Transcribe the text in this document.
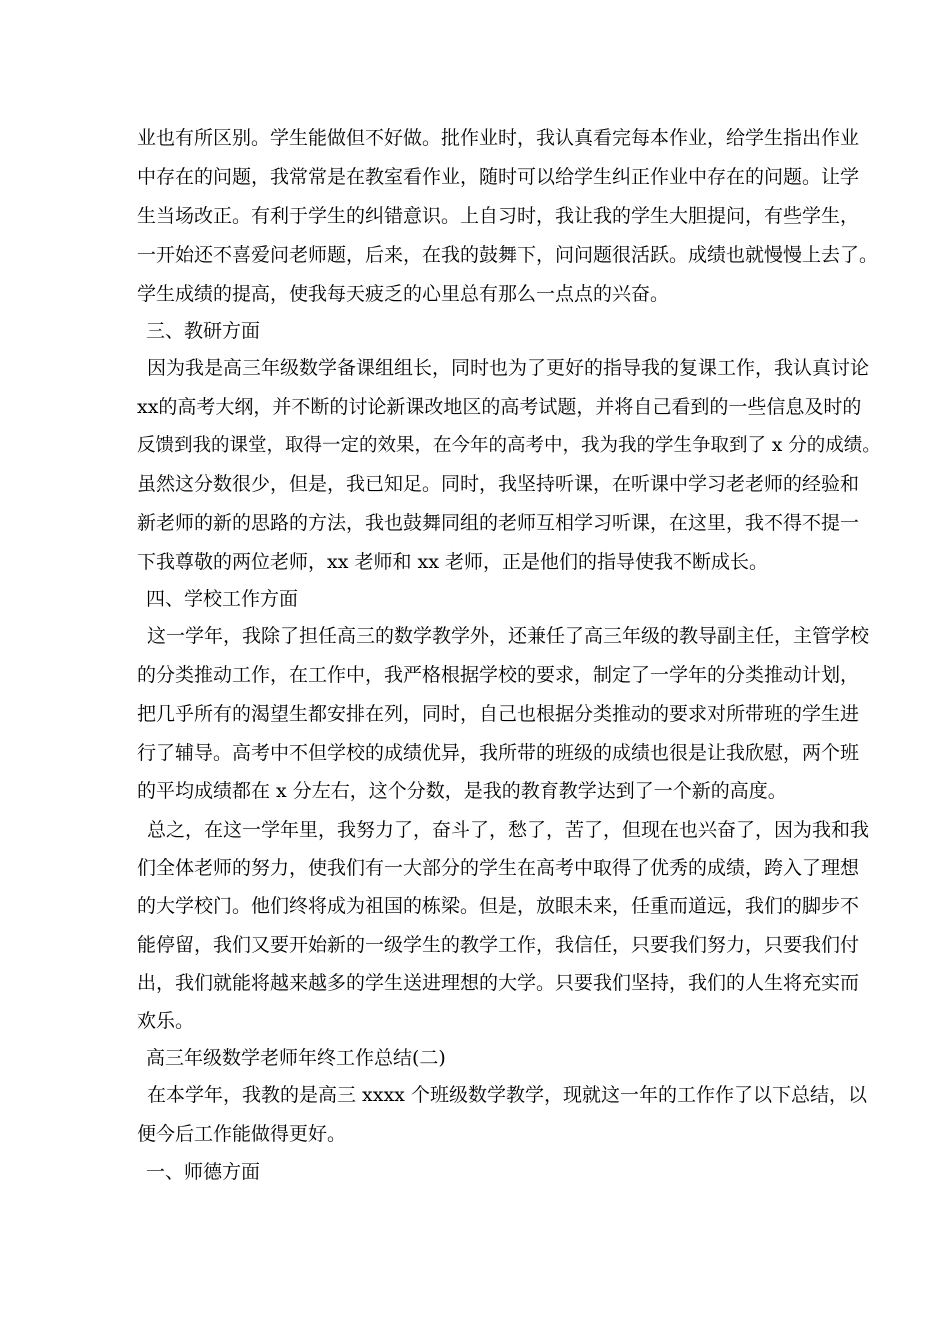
业也有所区别。学生能做但不好做。批作业时，我认真看完每本作业，给学生指出作业
中存在的问题，我常常是在教室看作业，随时可以给学生纠正作业中存在的问题。让学
生当场改正。有利于学生的纠错意识。上自习时，我让我的学生大胆提问，有些学生，
一开始还不喜爱问老师题，后来，在我的鼓舞下，问问题很活跃。成绩也就慢慢上去了。
学生成绩的提高，使我每天疲乏的心里总有那么一点点的兴奋。
三、教研方面
因为我是高三年级数学备课组组长，同时也为了更好的指导我的复课工作，我认真讨论
xx的高考大纲，并不断的讨论新课改地区的高考试题，并将自己看到的一些信息及时的
反馈到我的课堂，取得一定的效果，在今年的高考中，我为我的学生争取到了 x 分的成绩。
虽然这分数很少，但是，我已知足。同时，我坚持听课，在听课中学习老老师的经验和
新老师的新的思路的方法，我也鼓舞同组的老师互相学习听课，在这里，我不得不提一
下我尊敬的两位老师，xx 老师和 xx 老师，正是他们的指导使我不断成长。
四、学校工作方面
这一学年，我除了担任高三的数学教学外，还兼任了高三年级的教导副主任，主管学校
的分类推动工作，在工作中，我严格根据学校的要求，制定了一学年的分类推动计划，
把几乎所有的渴望生都安排在列，同时，自己也根据分类推动的要求对所带班的学生进
行了辅导。高考中不但学校的成绩优异，我所带的班级的成绩也很是让我欣慰，两个班
的平均成绩都在 x 分左右，这个分数，是我的教育教学达到了一个新的高度。
总之，在这一学年里，我努力了，奋斗了，愁了，苦了，但现在也兴奋了，因为我和我
们全体老师的努力，使我们有一大部分的学生在高考中取得了优秀的成绩，跨入了理想
的大学校门。他们终将成为祖国的栋梁。但是，放眼未来，任重而道远，我们的脚步不
能停留，我们又要开始新的一级学生的教学工作，我信任，只要我们努力，只要我们付
出，我们就能将越来越多的学生送进理想的大学。只要我们坚持，我们的人生将充实而
欢乐。
高三年级数学老师年终工作总结(二)
在本学年，我教的是高三 xxxx 个班级数学教学，现就这一年的工作作了以下总结，以
便今后工作能做得更好。
一、师德方面
